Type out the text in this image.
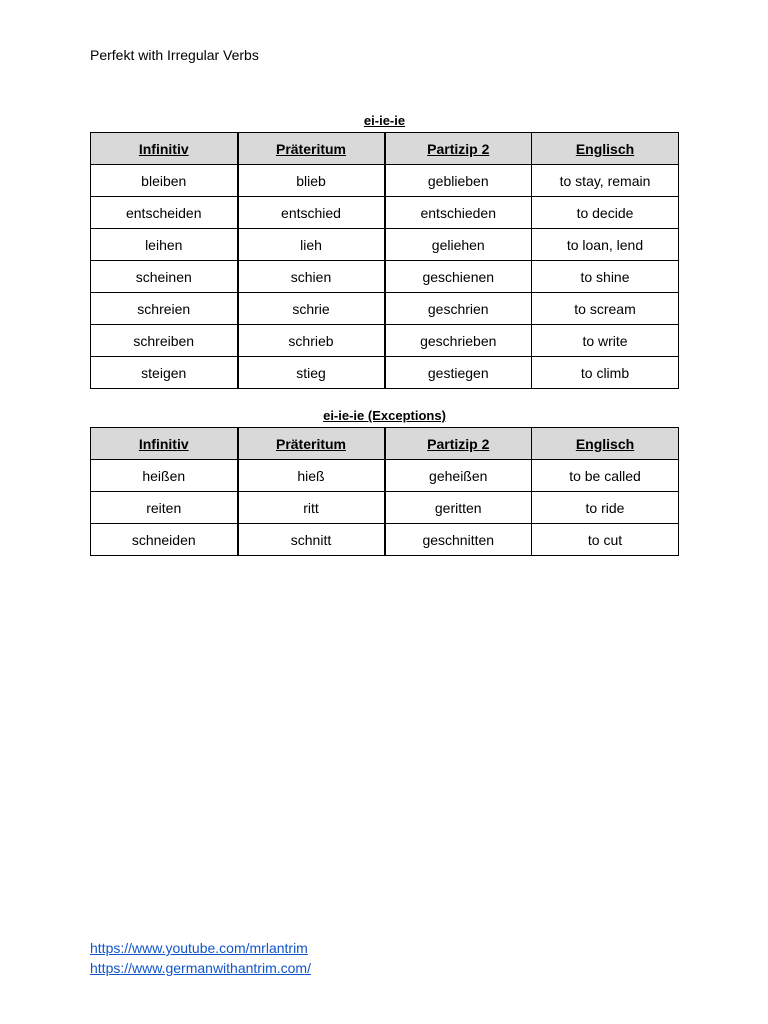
Perfekt with Irregular Verbs
ei-ie-ie
Infinitiv	Präteritum	Partizip 2	Englisch
bleiben	blieb	geblieben	to stay, remain
entscheiden	entschied	entschieden	to decide
leihen	lieh	geliehen	to loan, lend
scheinen	schien	geschienen	to shine
schreien	schrie	geschrien	to scream
schreiben	schrieb	geschrieben	to write
steigen	stieg	gestiegen	to climb
ei-ie-ie (Exceptions)
Infinitiv	Präteritum	Partizip 2	Englisch
heißen	hieß	geheißen	to be called
reiten	ritt	geritten	to ride
schneiden	schnitt	geschnitten	to cut
https://www.youtube.com/mrlantrim
https://www.germanwithantrim.com/
